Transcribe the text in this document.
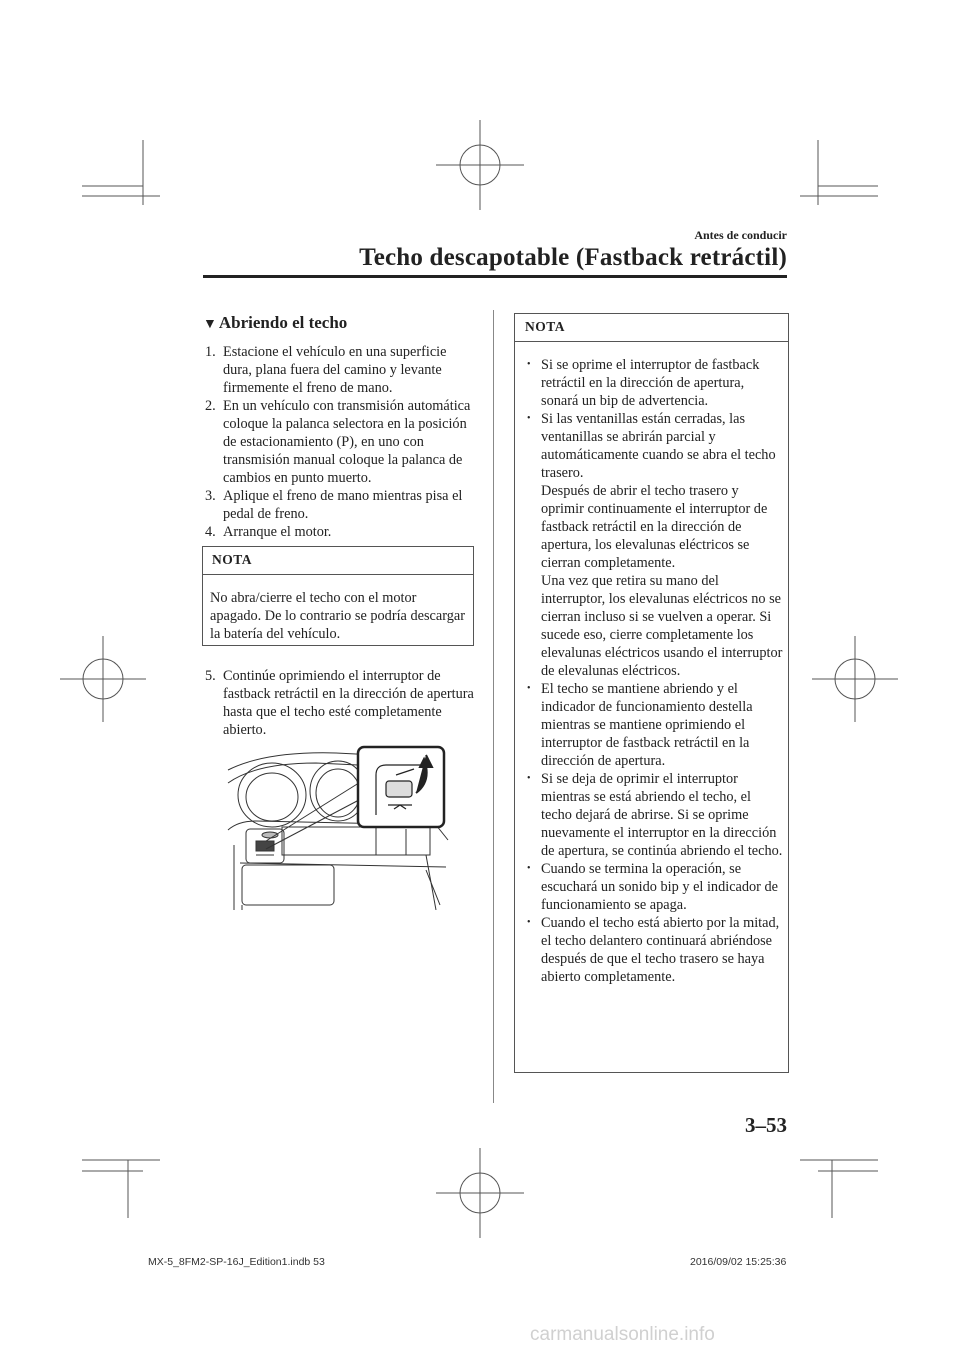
Antes de conducir
Techo descapotable (Fastback retráctil)
▼ Abriendo el techo
1. Estacione el vehículo en una superficie dura, plana fuera del camino y levante firmemente el freno de mano.
2. En un vehículo con transmisión automática coloque la palanca selectora en la posición de estacionamiento (P), en uno con transmisión manual coloque la palanca de cambios en punto muerto.
3. Aplique el freno de mano mientras pisa el pedal de freno.
4. Arranque el motor.
NOTA
No abra/cierre el techo con el motor apagado. De lo contrario se podría descargar la batería del vehículo.
5. Continúe oprimiendo el interruptor de fastback retráctil en la dirección de apertura hasta que el techo esté completamente abierto.
NOTA
• Si se oprime el interruptor de fastback retráctil en la dirección de apertura, sonará un bip de advertencia.
• Si las ventanillas están cerradas, las ventanillas se abrirán parcial y automáticamente cuando se abra el techo trasero.
Después de abrir el techo trasero y oprimir continuamente el interruptor de fastback retráctil en la dirección de apertura, los elevalunas eléctricos se cierran completamente.
Una vez que retira su mano del interruptor, los elevalunas eléctricos no se cierran incluso si se vuelven a operar. Si sucede eso, cierre completamente los elevalunas eléctricos usando el interruptor de elevalunas eléctricos.
• El techo se mantiene abriendo y el indicador de funcionamiento destella mientras se mantiene oprimiendo el interruptor de fastback retráctil en la dirección de apertura.
• Si se deja de oprimir el interruptor mientras se está abriendo el techo, el techo dejará de abrirse. Si se oprime nuevamente el interruptor en la dirección de apertura, se continúa abriendo el techo.
• Cuando se termina la operación, se escuchará un sonido bip y el indicador de funcionamiento se apaga.
• Cuando el techo está abierto por la mitad, el techo delantero continuará abriéndose después de que el techo trasero se haya abierto completamente.
3–53
MX-5_8FM2-SP-16J_Edition1.indb 53	2016/09/02 15:25:36
carmanualsonline.info
